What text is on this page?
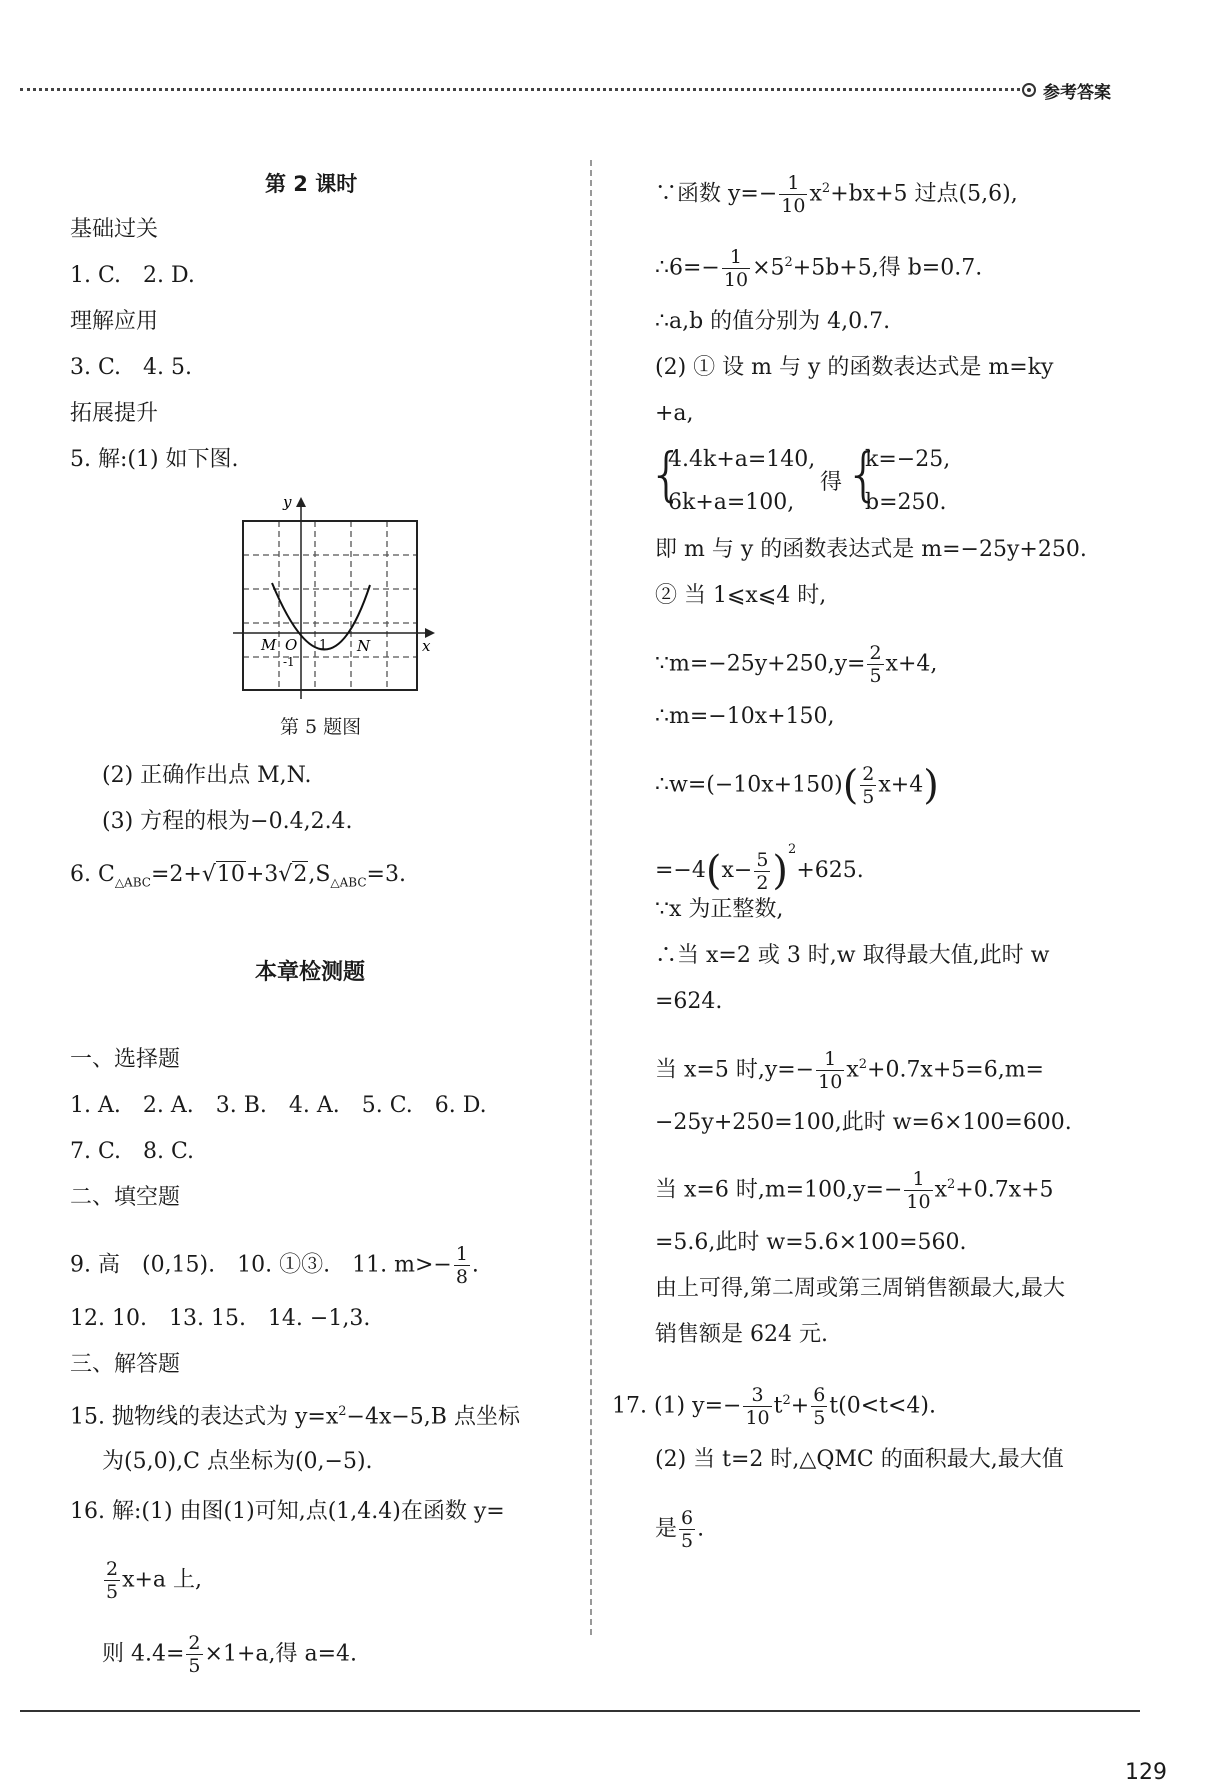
参考答案
第 2 课时
基础过关
1. C.　2. D.
理解应用
3. C.　4. 5.
拓展提升
5. 解:(1) 如下图.
y
x
M O 1
-1
N
第 5 题图
(2) 正确作出点 M,N.
(3) 方程的根为−0.4,2.4.
6. $C_{\triangle ABC}=2+√10+3√2,S_{\triangle ABC}=3$.
本章检测题
一、选择题
1. A.　2. A.　3. B.　4. A.　5. C.　6. D.
7. C.　8. C.
二、填空题
9. 高　(0,15).　10. ①③.　11. $m>- \frac{1}{8}$ .
12. 10.　13. 15.　14. −1,3.
三、解答题
15. 抛物线的表达式为 $y=x^2-4x-5,B$ 点坐标
为(5,0),C 点坐标为(0,−5).
16. 解:(1) 由图(1)可知,点(1,4.4)在函数 y=
$\frac{2}{5} x+a$ 上,
则 $4.4= \frac{2}{5} \times 1+a$,得 a=4.
∵函数 $y=- \frac{1}{10} x^2+bx+5$ 过点(5,6),
∴6=− $\frac{1}{10} \times 5^2+5b+5$,得 b=0.7.
∴a,b 的值分别为 4,0.7.
(2) ① 设 m 与 y 的函数表达式是 m=ky
+a,
{
4.4k+a=140,
6k+a=100,
得 {
k=−25,
b=250.
即 m 与 y 的函数表达式是 m=−25y+250.
② 当 1⩽x⩽4 时,
∵m=−25y+250,y= $\frac{2}{5} x+4$,
∴m=−10x+150,
∴w=(−10x+150)( $\frac{2}{5} x+4$)
$=-4(x- \frac{5}{2} )^2+625$.
∵x 为正整数,
∴当 x=2 或 3 时,w 取得最大值,此时 w
=624.
当 x=5 时$,y=- \frac{1}{10} x^2+0.7x+5=6,m=$
−25y+250=100,此时 w=6×100=600.
当 x=6 时$,m=100,y=- \frac{1}{10} x^2+0.7x+5$
=5.6,此时 w=5.6×100=560.
由上可得,第二周或第三周销售额最大,最大
销售额是 624 元.
17. (1) $y=- \frac{3}{10} t^2+ \frac{6}{5} t(0<t<4)$.
(2) 当 t=2 时,△QMC 的面积最大,最大值
是 $\frac{6}{5}$ .
129
